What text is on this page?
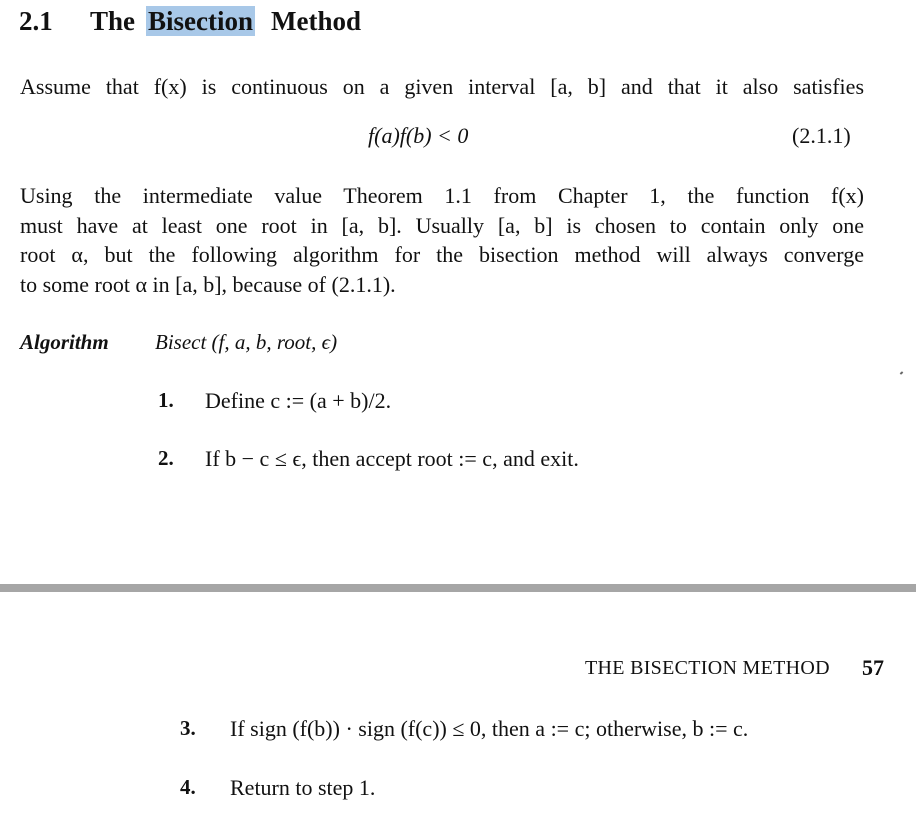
2.1 The Bisection Method

Assume that f(x) is continuous on a given interval [a, b] and that it also satisfies

f(a)f(b) < 0	(2.1.1)

Using the intermediate value Theorem 1.1 from Chapter 1, the function f(x)

must have at least one root in [a, b]. Usually [a, b] is chosen to contain only one

root α, but the following algorithm for the bisection method will always converge

to some root α in [a, b], because of (2.1.1).

Algorithm Bisect (f, a, b, root, ϵ)
1. Define c := (a + b)/2.
2. If b − c ≤ ϵ, then accept root := c, and exit.
THE BISECTION METHOD 57
3. If sign (f(b)) · sign (f(c)) ≤ 0, then a := c; otherwise, b := c.
4. Return to step 1.
